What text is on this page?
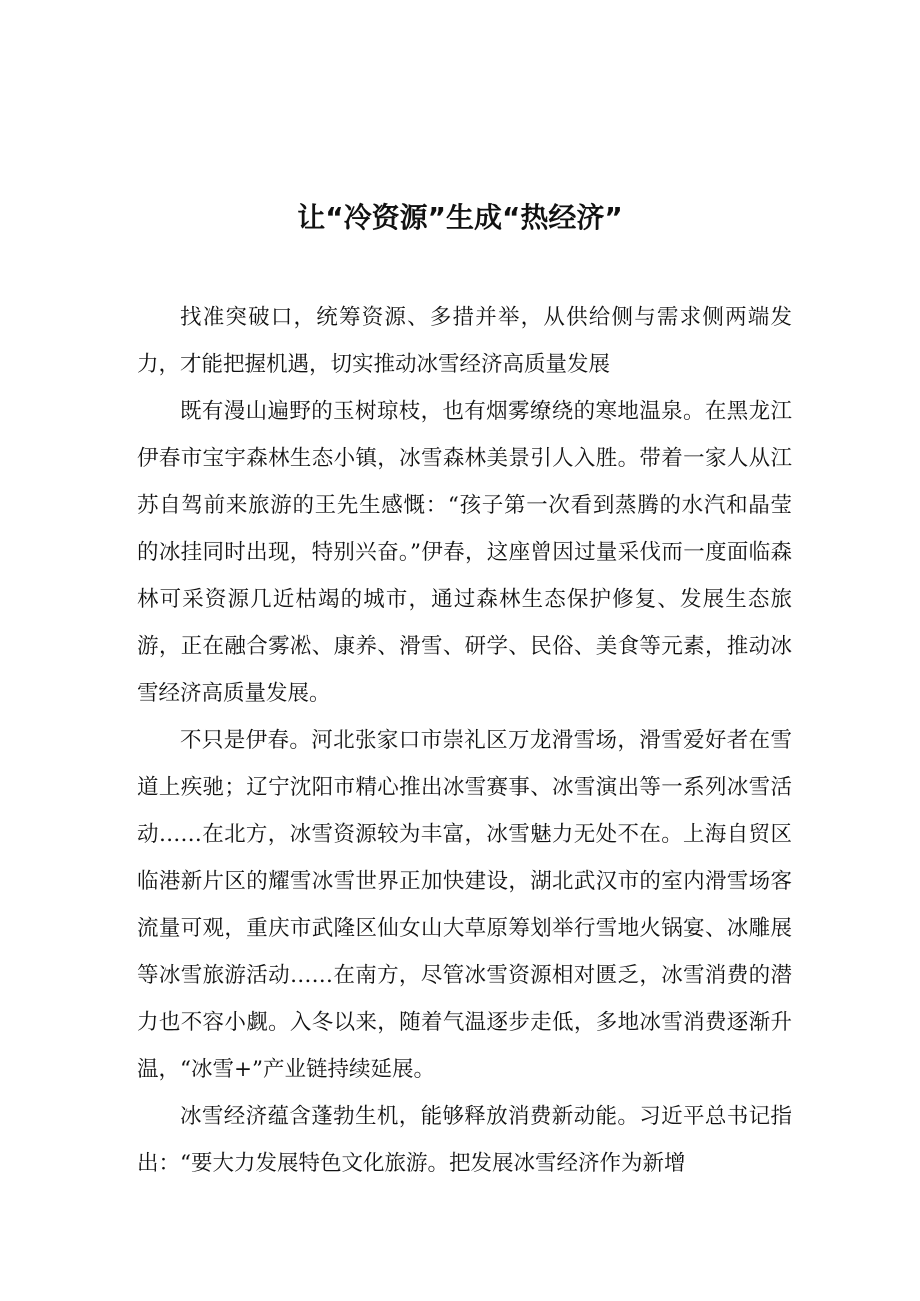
让“冷资源”生成“热经济”

找准突破口，统筹资源、多措并举，从供给侧与需求侧两端发力，才能把握机遇，切实推动冰雪经济高质量发展

既有漫山遍野的玉树琼枝，也有烟雾缭绕的寒地温泉。在黑龙江伊春市宝宇森林生态小镇，冰雪森林美景引人入胜。带着一家人从江苏自驾前来旅游的王先生感慨：“孩子第一次看到蒸腾的水汽和晶莹的冰挂同时出现，特别兴奋。”伊春，这座曾因过量采伐而一度面临森林可采资源几近枯竭的城市，通过森林生态保护修复、发展生态旅游，正在融合雾凇、康养、滑雪、研学、民俗、美食等元素，推动冰雪经济高质量发展。

不只是伊春。河北张家口市崇礼区万龙滑雪场，滑雪爱好者在雪道上疾驰；辽宁沈阳市精心推出冰雪赛事、冰雪演出等一系列冰雪活动……在北方，冰雪资源较为丰富，冰雪魅力无处不在。上海自贸区临港新片区的耀雪冰雪世界正加快建设，湖北武汉市的室内滑雪场客流量可观，重庆市武隆区仙女山大草原筹划举行雪地火锅宴、冰雕展等冰雪旅游活动……在南方，尽管冰雪资源相对匮乏，冰雪消费的潜力也不容小觑。入冬以来，随着气温逐步走低，多地冰雪消费逐渐升温，“冰雪+”产业链持续延展。

冰雪经济蕴含蓬勃生机，能够释放消费新动能。习近平总书记指出：“要大力发展特色文化旅游。把发展冰雪经济作为新增
